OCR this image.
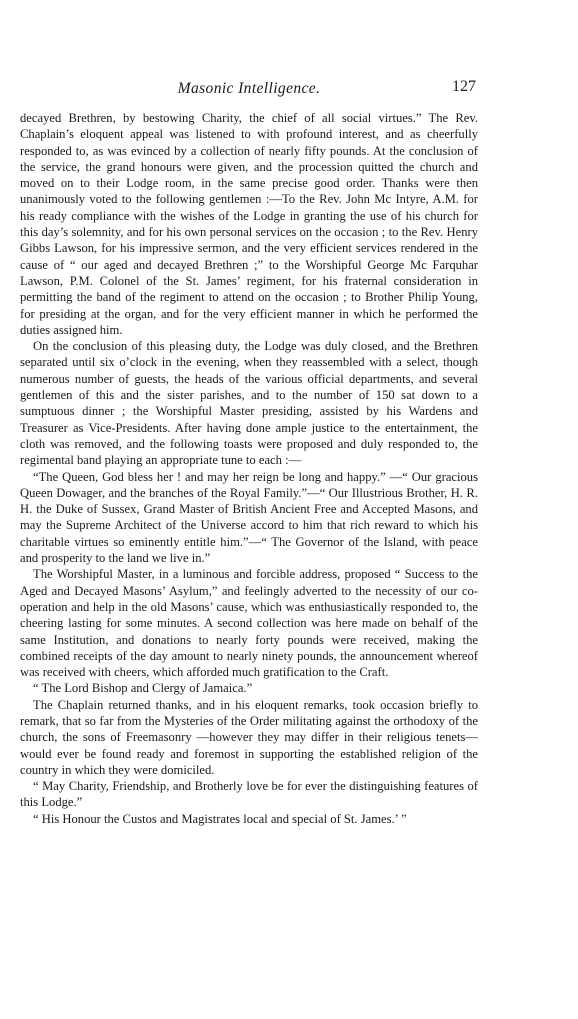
Masonic Intelligence.	127

decayed Brethren, by bestowing Charity, the chief of all social virtues.” The Rev. Chaplain’s eloquent appeal was listened to with profound interest, and as cheerfully responded to, as was evinced by a collection of nearly fifty pounds. At the conclusion of the service, the grand honours were given, and the procession quitted the church and moved on to their Lodge room, in the same precise good order. Thanks were then unanimously voted to the following gentlemen :—To the Rev. John Mc Intyre, A.M. for his ready compliance with the wishes of the Lodge in granting the use of his church for this day’s solemnity, and for his own personal services on the occasion ; to the Rev. Henry Gibbs Lawson, for his impressive sermon, and the very efficient services rendered in the cause of “ our aged and decayed Brethren ;” to the Worshipful George Mc Farquhar Lawson, P.M. Colonel of the St. James’ regiment, for his fraternal consideration in permitting the band of the regiment to attend on the occasion ; to Brother Philip Young, for presiding at the organ, and for the very efficient manner in which he performed the duties assigned him.

On the conclusion of this pleasing duty, the Lodge was duly closed, and the Brethren separated until six o’clock in the evening, when they reassembled with a select, though numerous number of guests, the heads of the various official departments, and several gentlemen of this and the sister parishes, and to the number of 150 sat down to a sumptuous dinner ; the Worshipful Master presiding, assisted by his Wardens and Treasurer as Vice-Presidents. After having done ample justice to the entertainment, the cloth was removed, and the following toasts were proposed and duly responded to, the regimental band playing an appropriate tune to each :—

“The Queen, God bless her ! and may her reign be long and happy.” —“ Our gracious Queen Dowager, and the branches of the Royal Family.”—“ Our Illustrious Brother, H. R. H. the Duke of Sussex, Grand Master of British Ancient Free and Accepted Masons, and may the Supreme Architect of the Universe accord to him that rich reward to which his charitable virtues so eminently entitle him.”—“ The Governor of the Island, with peace and prosperity to the land we live in.”

The Worshipful Master, in a luminous and forcible address, proposed “ Success to the Aged and Decayed Masons’ Asylum,” and feelingly adverted to the necessity of our co-operation and help in the old Masons’ cause, which was enthusiastically responded to, the cheering lasting for some minutes. A second collection was here made on behalf of the same Institution, and donations to nearly forty pounds were received, making the combined receipts of the day amount to nearly ninety pounds, the announcement whereof was received with cheers, which afforded much gratification to the Craft.

“ The Lord Bishop and Clergy of Jamaica.”

The Chaplain returned thanks, and in his eloquent remarks, took occasion briefly to remark, that so far from the Mysteries of the Order militating against the orthodoxy of the church, the sons of Freemasonry —however they may differ in their religious tenets—would ever be found ready and foremost in supporting the established religion of the country in which they were domiciled.

“ May Charity, Friendship, and Brotherly love be for ever the distinguishing features of this Lodge.”

“ His Honour the Custos and Magistrates local and special of St. James.’ ”
